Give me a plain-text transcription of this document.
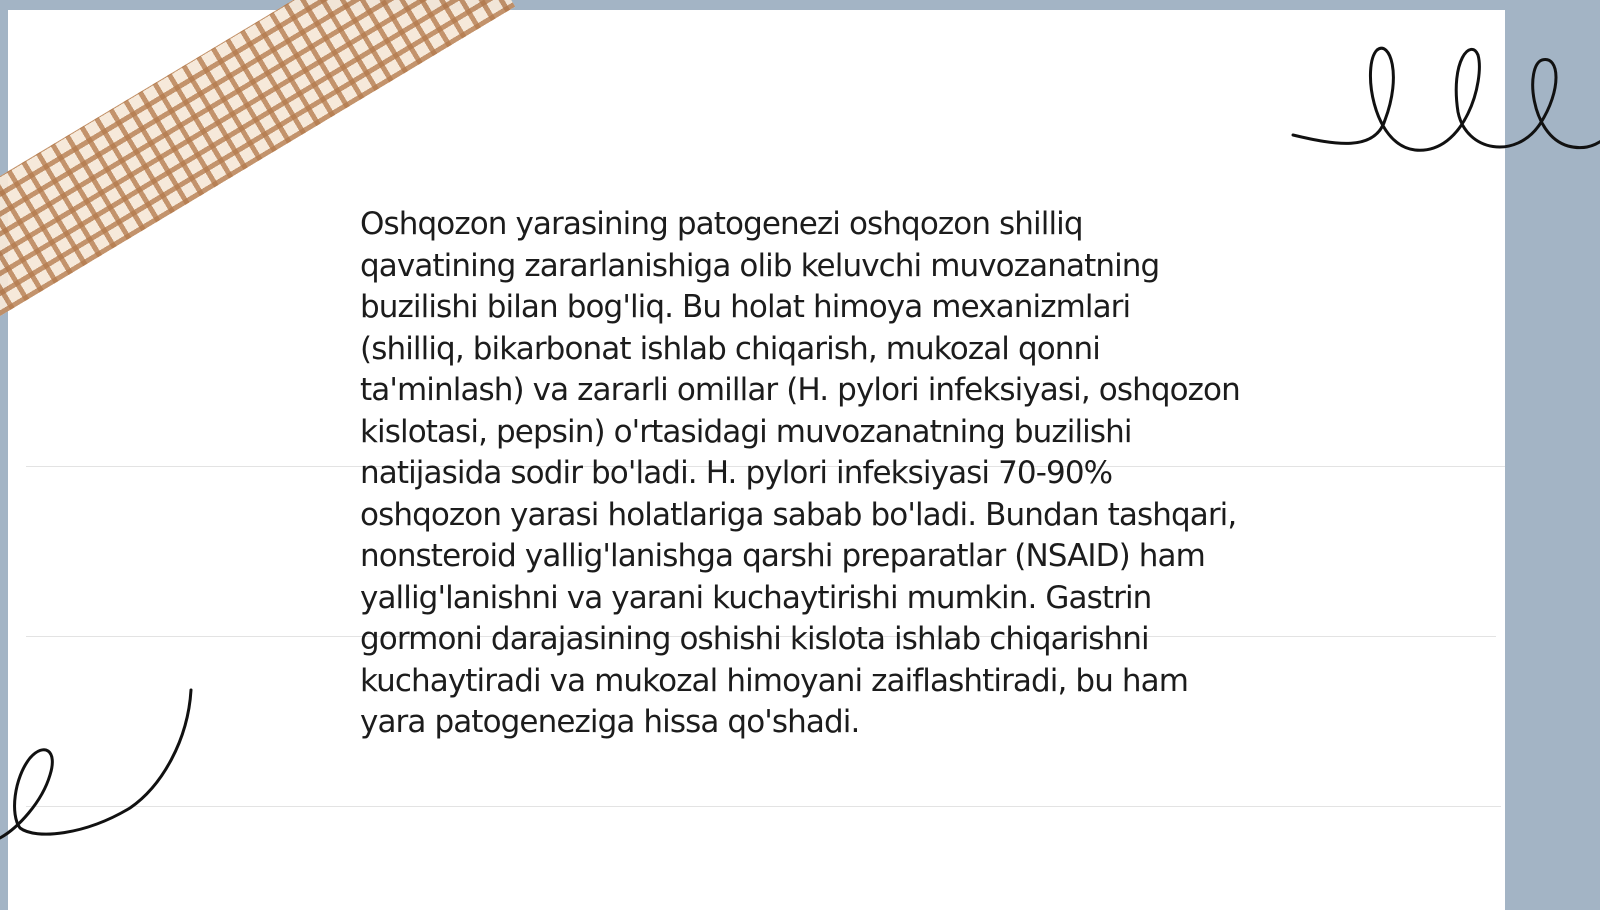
Oshqozon yarasining patogenezi oshqozon shilliq qavatining zararlanishiga olib keluvchi muvozanatning buzilishi bilan bog'liq. Bu holat himoya mexanizmlari (shilliq, bikarbonat ishlab chiqarish, mukozal qonni ta'minlash) va zararli omillar (H. pylori infeksiyasi, oshqozon kislotasi, pepsin) o'rtasidagi muvozanatning buzilishi natijasida sodir bo'ladi. H. pylori infeksiyasi 70-90% oshqozon yarasi holatlariga sabab bo'ladi. Bundan tashqari, nonsteroid yallig'lanishga qarshi preparatlar (NSAID) ham yallig'lanishni va yarani kuchaytirishi mumkin. Gastrin gormoni darajasining oshishi kislota ishlab chiqarishni kuchaytiradi va mukozal himoyani zaiflashtiradi, bu ham yara patogeneziga hissa qo'shadi.
